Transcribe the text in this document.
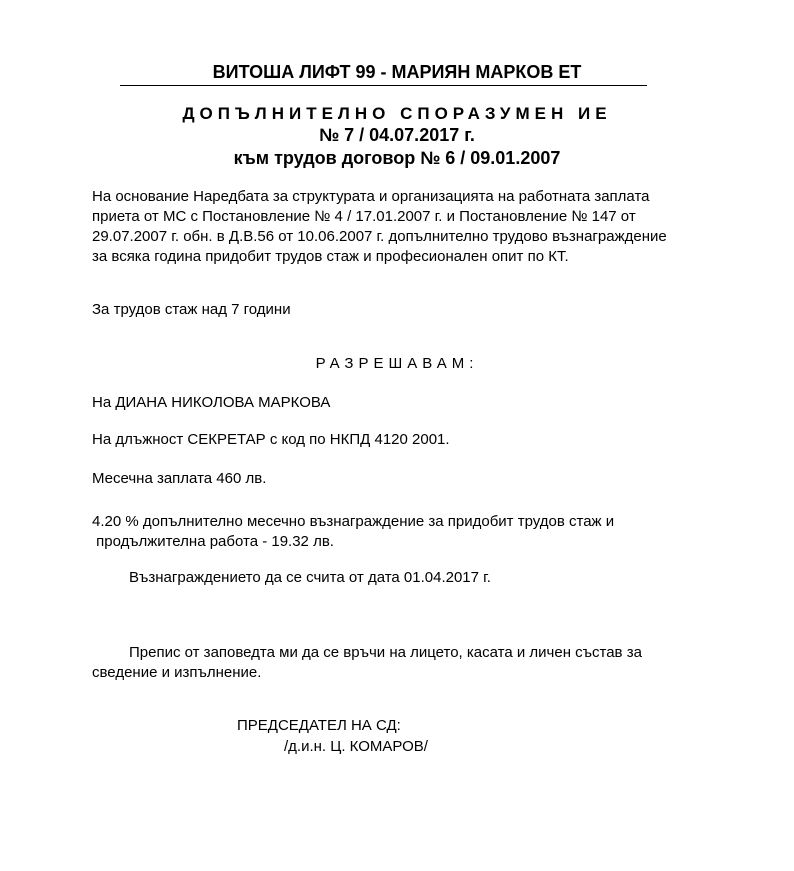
ВИТОША ЛИФТ 99 - МАРИЯН МАРКОВ ЕТ
ДОПЪЛНИТЕЛНО СПОРАЗУМЕН ИЕ
№ 7 / 04.07.2017 г.
към трудов договор № 6 / 09.01.2007
На основание Наредбата за структурата и организацията на работната заплата
приета от МС с Постановление № 4 / 17.01.2007 г. и Постановление № 147 от
29.07.2007 г. обн. в Д.В.56 от 10.06.2007 г. допълнително трудово възнаграждение
за всяка година придобит трудов стаж и професионален опит по КТ.
За трудов стаж над 7 години
РАЗРЕШАВАМ:
На ДИАНА НИКОЛОВА МАРКОВА
На длъжност СЕКРЕТАР с код по НКПД 4120 2001.
Месечна заплата 460 лв.
4.20 % допълнително месечно възнаграждение за придобит трудов стаж и
продължителна работа - 19.32 лв.
Възнаграждението да се счита от дата 01.04.2017 г.
Препис от заповедта ми да се връчи на лицето, касата и личен състав за
сведение и изпълнение.
ПРЕДСЕДАТЕЛ НА СД:
/д.и.н. Ц. КОМАРОВ/
